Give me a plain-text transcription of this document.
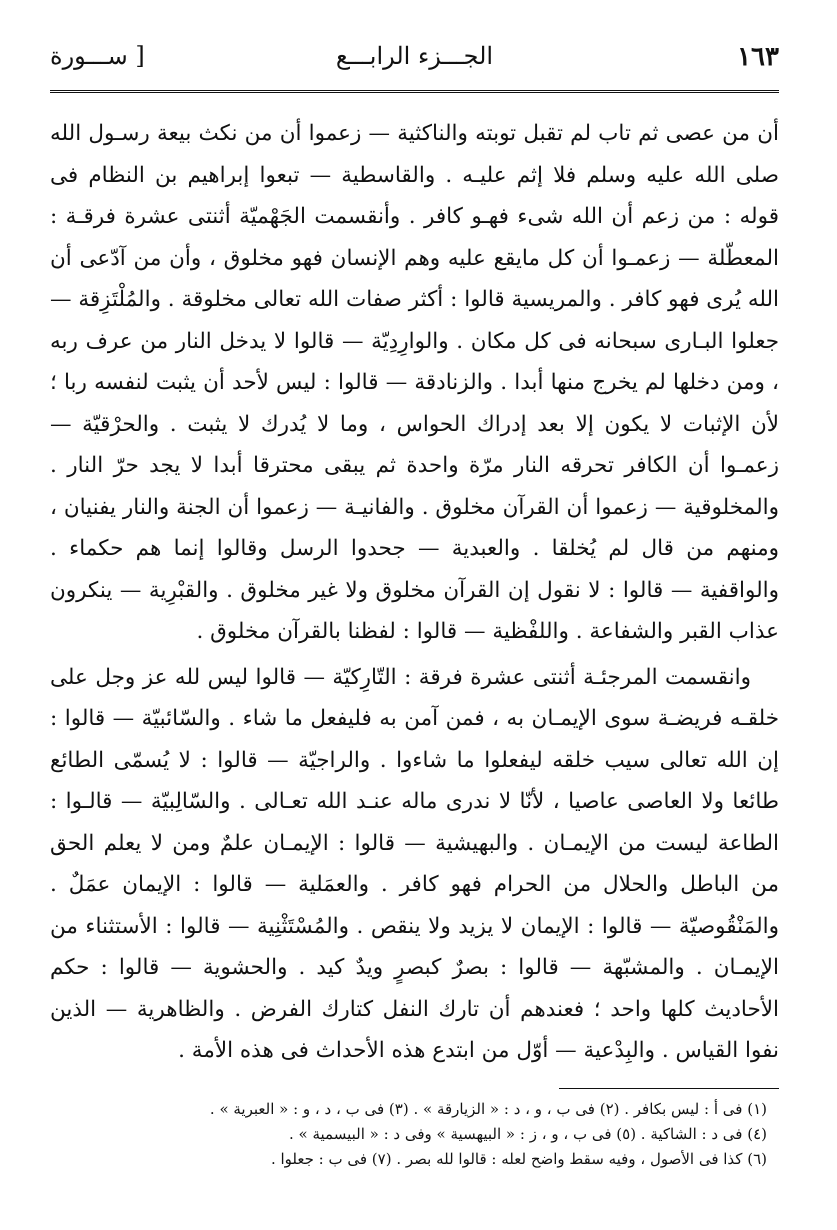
١٦٣
الجـــزء الرابـــع
[ ســـورة

أن من عصى ثم تاب لم تقبل توبته والناكثية — زعموا أن من نكث بيعة رسـول الله صلى الله عليه وسلم فلا إثم عليـه . والقاسطية — تبعوا إبراهيم بن النظام فى قوله : من زعم أن الله شىء فهـو كافر . وأنقسمت الجَهْميّة أثنتى عشرة فرقـة : المعطّلة — زعمـوا أن كل مايقع عليه وهم الإنسان فهو مخلوق ، وأن من آدّعى أن الله يُرى فهو كافر . والمريسية قالوا : أكثر صفات الله تعالى مخلوقة . والمُلْتَزِقة — جعلوا البـارى سبحانه فى كل مكان . والوارِدِيّة — قالوا لا يدخل النار من عرف ربه ، ومن دخلها لم يخرج منها أبدا . والزنادقة — قالوا : ليس لأحد أن يثبت لنفسه ربا ؛ لأن الإثبات لا يكون إلا بعد إدراك الحواس ، وما لا يُدرك لا يثبت . والحرْقيّة — زعمـوا أن الكافر تحرقه النار مرّة واحدة ثم يبقى محترقا أبدا لا يجد حرّ النار . والمخلوقية — زعموا أن القرآن مخلوق . والفانيـة — زعموا أن الجنة والنار يفنيان ، ومنهم من قال لم يُخلقا . والعبدية — جحدوا الرسل وقالوا إنما هم حكماء . والواقفية — قالوا : لا نقول إن القرآن مخلوق ولا غير مخلوق . والقبْرِية — ينكرون عذاب القبر والشفاعة . واللفْظية — قالوا : لفظنا بالقرآن مخلوق .

وانقسمت المرجئـة أثنتى عشرة فرقة : التّارِكيّة — قالوا ليس لله عز وجل على خلقـه فريضـة سوى الإيمـان به ، فمن آمن به فليفعل ما شاء . والسّائبيّة — قالوا : إن الله تعالى سيب خلقه ليفعلوا ما شاءوا . والراجيّة — قالوا : لا يُسمّى الطائع طائعا ولا العاصى عاصيا ، لأنّا لا ندرى ماله عنـد الله تعـالى . والسّالِبيّة — قالـوا : الطاعة ليست من الإيمـان . والبهيشية — قالوا : الإيمـان علمٌ ومن لا يعلم الحق من الباطل والحلال من الحرام فهو كافر . والعمَلية — قالوا : الإيمان عمَلٌ . والمَنْقُوصيّة — قالوا : الإيمان لا يزيد ولا ينقص . والمُسْتَثْنِية — قالوا : الأستثناء من الإيمـان . والمشبّهة — قالوا : بصرٌ كبصرٍ ويدٌ كيد . والحشوية — قالوا : حكم الأحاديث كلها واحد ؛ فعندهم أن تارك النفل كتارك الفرض . والظاهرية — الذين نفوا القياس . والبِدْعية — أوّل من ابتدع هذه الأحداث فى هذه الأمة .

(١) فى أ : ليس بكافر . (٢) فى ب ، و ، د : « الزيارقة » . (٣) فى ب ، د ، و : « العبرية » .
(٤) فى د : الشاكية . (٥) فى ب ، و ، ز : « البيهسية » وفى د : « البيسمية » .
(٦) كذا فى الأصول ، وفيه سقط واضح لعله : قالوا لله بصر . (٧) فى ب : جعلوا .
